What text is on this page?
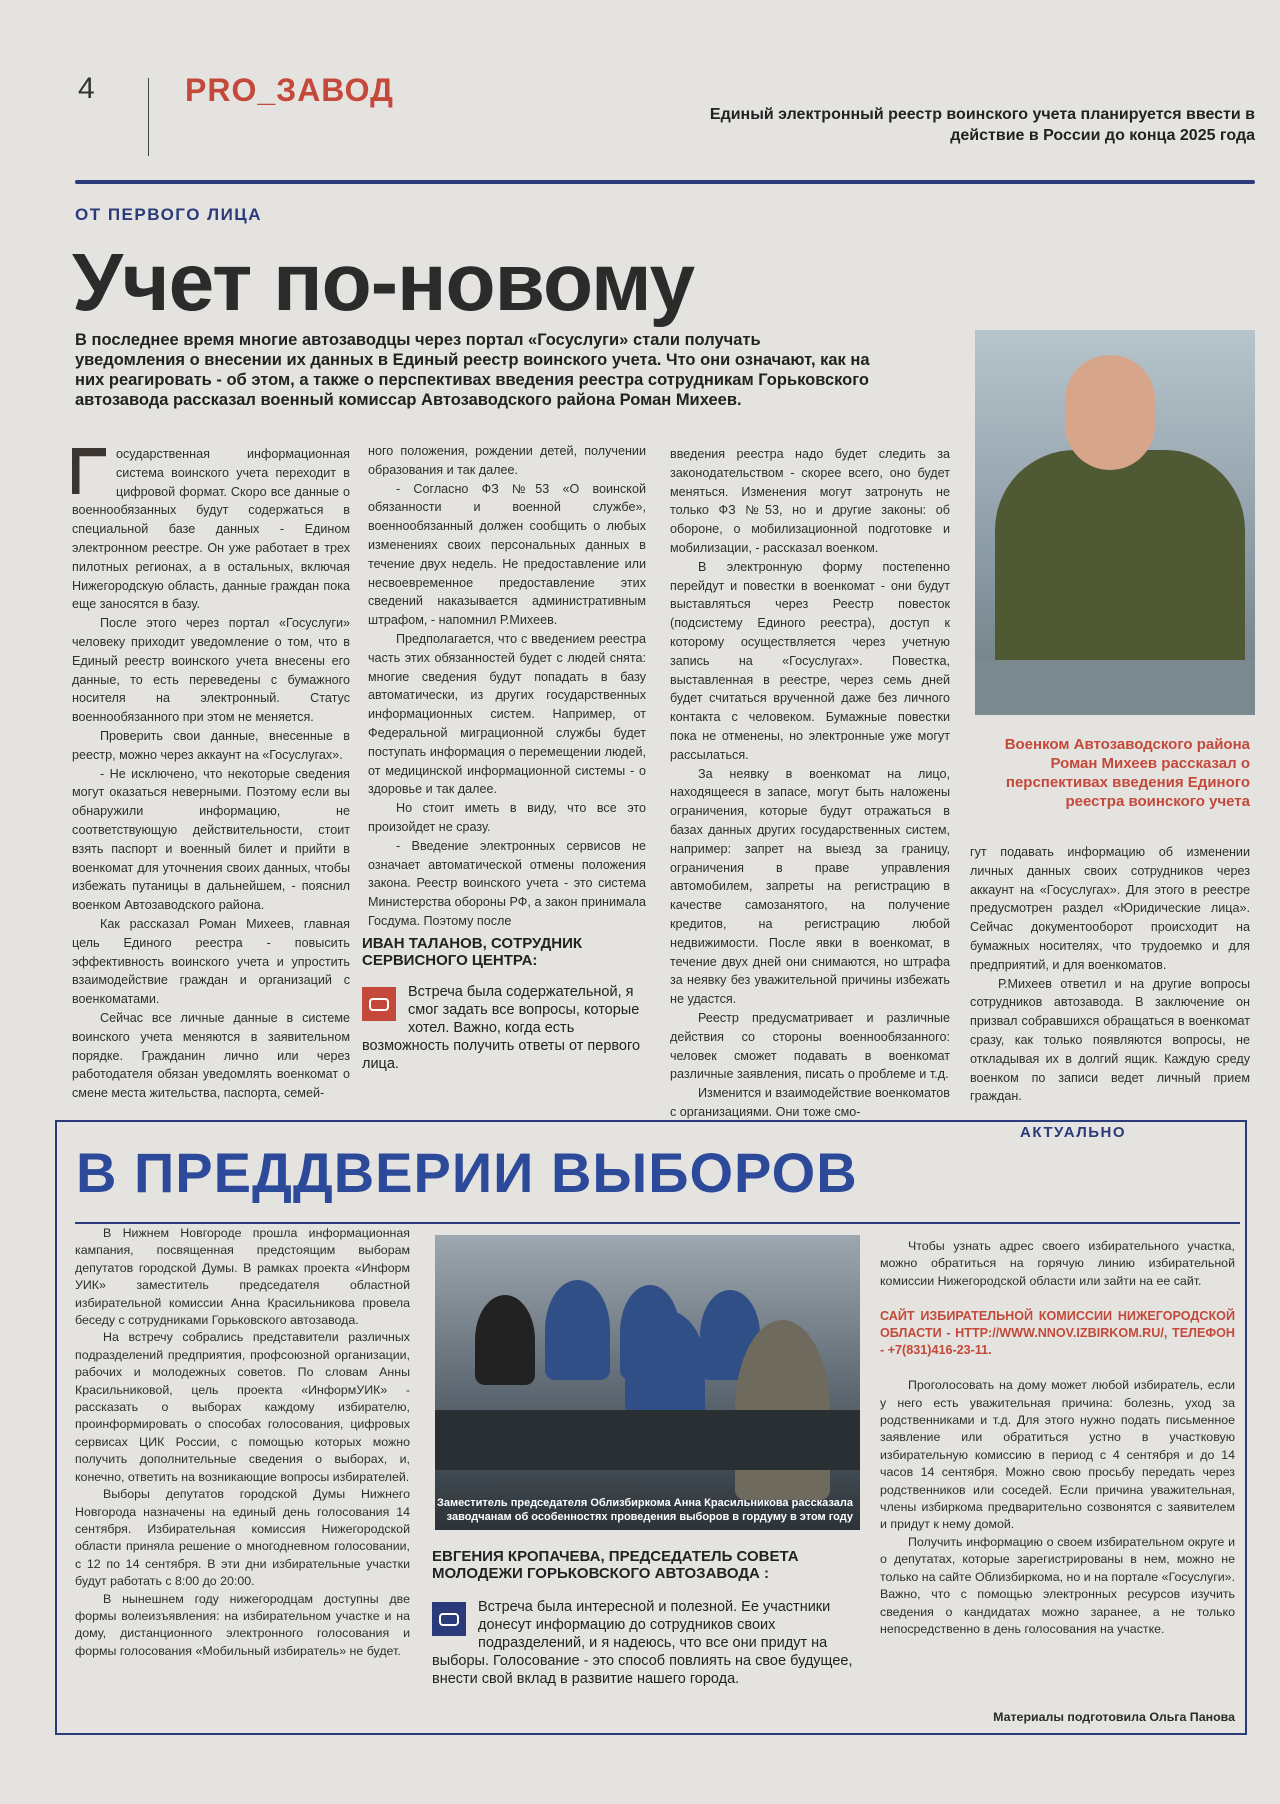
4	PRO_ЗАВОД
Единый электронный реестр воинского учета планируется ввести в действие в России до конца 2025 года
ОТ ПЕРВОГО ЛИЦА
Учет по-новому
В последнее время многие автозаводцы через портал «Госуслуги» стали получать уведомления о внесении их данных в Единый реестр воинского учета. Что они означают, как на них реагировать - об этом, а также о перспективах введения реестра сотрудникам Горьковского автозавода рассказал военный комиссар Автозаводского района Роман Михеев.
Военком Автозаводского района Роман Михеев рассказал о перспективах введения Единого реестра воинского учета

осударственная информационная система воинского учета переходит в цифровой формат. Скоро все данные о военнообязанных будут содержаться в специальной базе данных - Едином электронном реестре. Он уже работает в трех пилотных регионах, а в остальных, включая Нижегородскую область, данные граждан пока еще заносятся в базу.

После этого через портал «Госуслуги» человеку приходит уведомление о том, что в Единый реестр воинского учета внесены его данные, то есть переведены с бумажного носителя на электронный. Статус военнообязанного при этом не меняется.

Проверить свои данные, внесенные в реестр, можно через аккаунт на «Госуслугах».

- Не исключено, что некоторые сведения могут оказаться неверными. Поэтому если вы обнаружили информацию, не соответствующую действительности, стоит взять паспорт и военный билет и прийти в военкомат для уточнения своих данных, чтобы избежать путаницы в дальнейшем, - пояснил военком Автозаводского района.

Как рассказал Роман Михеев, главная цель Единого реестра - повысить эффективность воинского учета и упростить взаимодействие граждан и организаций с военкоматами.

Сейчас все личные данные в системе воинского учета меняются в заявительном порядке. Гражданин лично или через работодателя обязан уведомлять военкомат о смене места жительства, паспорта, семей-

ного положения, рождении детей, получении образования и так далее.

- Согласно ФЗ №53 «О воинской обязанности и военной службе», военнообязанный должен сообщить о любых изменениях своих персональных данных в течение двух недель. Не предоставление или несвоевременное предоставление этих сведений наказывается административным штрафом, - напомнил Р.Михеев.

Предполагается, что с введением реестра часть этих обязанностей будет с людей снята: многие сведения будут попадать в базу автоматически, из других государственных информационных систем. Например, от Федеральной миграционной службы будет поступать информация о перемещении людей, от медицинской информационной системы - о здоровье и так далее.

Но стоит иметь в виду, что все это произойдет не сразу.

- Введение электронных сервисов не означает автоматической отмены положения закона. Реестр воинского учета - это система Министерства обороны РФ, а закон принимала Госдума. Поэтому после

ИВАН ТАЛАНОВ, СОТРУДНИК СЕРВИСНОГО ЦЕНТРА:
Встреча была содержательной, я смог задать все вопросы, которые хотел. Важно, когда есть возможность получить ответы от первого лица.

введения реестра надо будет следить за законодательством - скорее всего, оно будет меняться. Изменения могут затронуть не только ФЗ №53, но и другие законы: об обороне, о мобилизационной подготовке и мобилизации, - рассказал военком.

В электронную форму постепенно перейдут и повестки в военкомат - они будут выставляться через Реестр повесток (подсистему Единого реестра), доступ к которому осуществляется через учетную запись на «Госуслугах». Повестка, выставленная в реестре, через семь дней будет считаться врученной даже без личного контакта с человеком. Бумажные повестки пока не отменены, но электронные уже могут рассылаться.

За неявку в военкомат на лицо, находящееся в запасе, могут быть наложены ограничения, которые будут отражаться в базах данных других государственных систем, например: запрет на выезд за границу, ограничения в праве управления автомобилем, запреты на регистрацию в качестве самозанятого, на получение кредитов, на регистрацию любой недвижимости. После явки в военкомат, в течение двух дней они снимаются, но штрафа за неявку без уважительной причины избежать не удастся.

Реестр предусматривает и различные действия со стороны военнообязанного: человек сможет подавать в военкомат различные заявления, писать о проблеме и т.д.

Изменится и взаимодействие военкоматов с организациями. Они тоже смо-

гут подавать информацию об изменении личных данных своих сотрудников через аккаунт на «Госуслугах». Для этого в реестре предусмотрен раздел «Юридические лица». Сейчас документооборот происходит на бумажных носителях, что трудоемко и для предприятий, и для военкоматов.

Р.Михеев ответил и на другие вопросы сотрудников автозавода. В заключение он призвал собравшихся обращаться в военкомат сразу, как только появляются вопросы, не откладывая их в долгий ящик. Каждую среду военком по записи ведет личный прием граждан.

АКТУАЛЬНО
В ПРЕДДВЕРИИ ВЫБОРОВ

В Нижнем Новгороде прошла информационная кампания, посвященная предстоящим выборам депутатов городской Думы. В рамках проекта «Информ УИК» заместитель председателя областной избирательной комиссии Анна Красильникова провела беседу с сотрудниками Горьковского автозавода.

На встречу собрались представители различных подразделений предприятия, профсоюзной организации, рабочих и молодежных советов. По словам Анны Красильниковой, цель проекта «ИнформУИК» - рассказать о выборах каждому избирателю, проинформировать о способах голосования, цифровых сервисах ЦИК России, с помощью которых можно получить дополнительные сведения о выборах, и, конечно, ответить на возникающие вопросы избирателей.

Выборы депутатов городской Думы Нижнего Новгорода назначены на единый день голосования 14 сентября. Избирательная комиссия Нижегородской области приняла решение о многодневном голосовании, с 12 по 14 сентября. В эти дни избирательные участки будут работать с 8:00 до 20:00.

В нынешнем году нижегородцам доступны две формы волеизъявления: на избирательном участке и на дому, дистанционного электронного голосования и формы голосования «Мобильный избиратель» не будет.

Заместитель председателя Облизбиркома Анна Красильникова рассказала заводчанам об особенностях проведения выборов в гордуму в этом году
ЕВГЕНИЯ КРОПАЧЕВА, ПРЕДСЕДАТЕЛЬ СОВЕТА МОЛОДЕЖИ ГОРЬКОВСКОГО АВТОЗАВОДА :
Встреча была интересной и полезной. Ее участники донесут информацию до сотрудников своих подразделений, и я надеюсь, что все они придут на выборы. Голосование - это способ повлиять на свое будущее, внести свой вклад в развитие нашего города.

Чтобы узнать адрес своего избирательного участка, можно обратиться на горячую линию избирательной комиссии Нижегородской области или зайти на ее сайт.

САЙТ ИЗБИРАТЕЛЬНОЙ КОМИССИИ НИЖЕГОРОДСКОЙ ОБЛАСТИ - HTTP://WWW.NNOV.IZBIRKOM.RU/, ТЕЛЕФОН - +7(831)416-23-11.

Проголосовать на дому может любой избиратель, если у него есть уважительная причина: болезнь, уход за родственниками и т.д. Для этого нужно подать письменное заявление или обратиться устно в участковую избирательную комиссию в период с 4 сентября и до 14 часов 14 сентября. Можно свою просьбу передать через родственников или соседей. Если причина уважительная, члены избиркома предварительно созвонятся с заявителем и придут к нему домой.

Получить информацию о своем избирательном округе и о депутатах, которые зарегистрированы в нем, можно не только на сайте Облизбиркома, но и на портале «Госуслуги». Важно, что с помощью электронных ресурсов изучить сведения о кандидатах можно заранее, а не только непосредственно в день голосования на участке.

Материалы подготовила Ольга Панова
